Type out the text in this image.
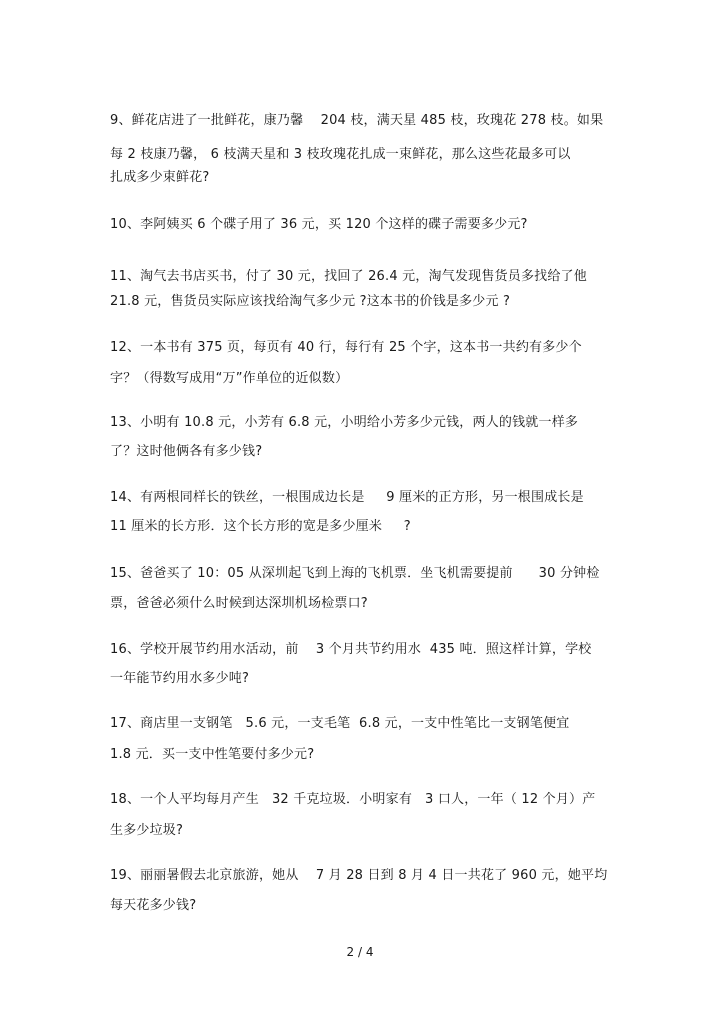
9、鲜花店进了一批鲜花，康乃馨    204 枝，满天星 485 枝，玫瑰花 278 枝。如果
每 2 枝康乃馨， 6 枝满天星和 3 枝玫瑰花扎成一束鲜花，那么这些花最多可以
扎成多少束鲜花?
10、李阿姨买 6 个碟子用了 36 元，买 120 个这样的碟子需要多少元?
11、淘气去书店买书，付了 30 元，找回了 26.4 元，淘气发现售货员多找给了他
21.8 元，售货员实际应该找给淘气多少元 ?这本书的价钱是多少元 ?
12、一本书有 375 页，每页有 40 行，每行有 25 个字，这本书一共约有多少个
字？（得数写成用“万”作单位的近似数）
13、小明有 10.8 元，小芳有 6.8 元，小明给小芳多少元钱，两人的钱就一样多
了？这时他俩各有多少钱?
14、有两根同样长的铁丝，一根围成边长是     9 厘米的正方形，另一根围成长是
11 厘米的长方形．这个长方形的宽是多少厘米     ?
15、爸爸买了 10：05 从深圳起飞到上海的飞机票．坐飞机需要提前      30 分钟检
票，爸爸必须什么时候到达深圳机场检票口?
16、学校开展节约用水活动，前    3 个月共节约用水  435 吨．照这样计算，学校
一年能节约用水多少吨?
17、商店里一支钢笔   5.6 元，一支毛笔  6.8 元，一支中性笔比一支钢笔便宜
1.8 元．买一支中性笔要付多少元?
18、一个人平均每月产生   32 千克垃圾．小明家有   3 口人，一年（ 12 个月）产
生多少垃圾?
19、丽丽暑假去北京旅游，她从    7 月 28 日到 8 月 4 日一共花了 960 元，她平均
每天花多少钱?
2 / 4
